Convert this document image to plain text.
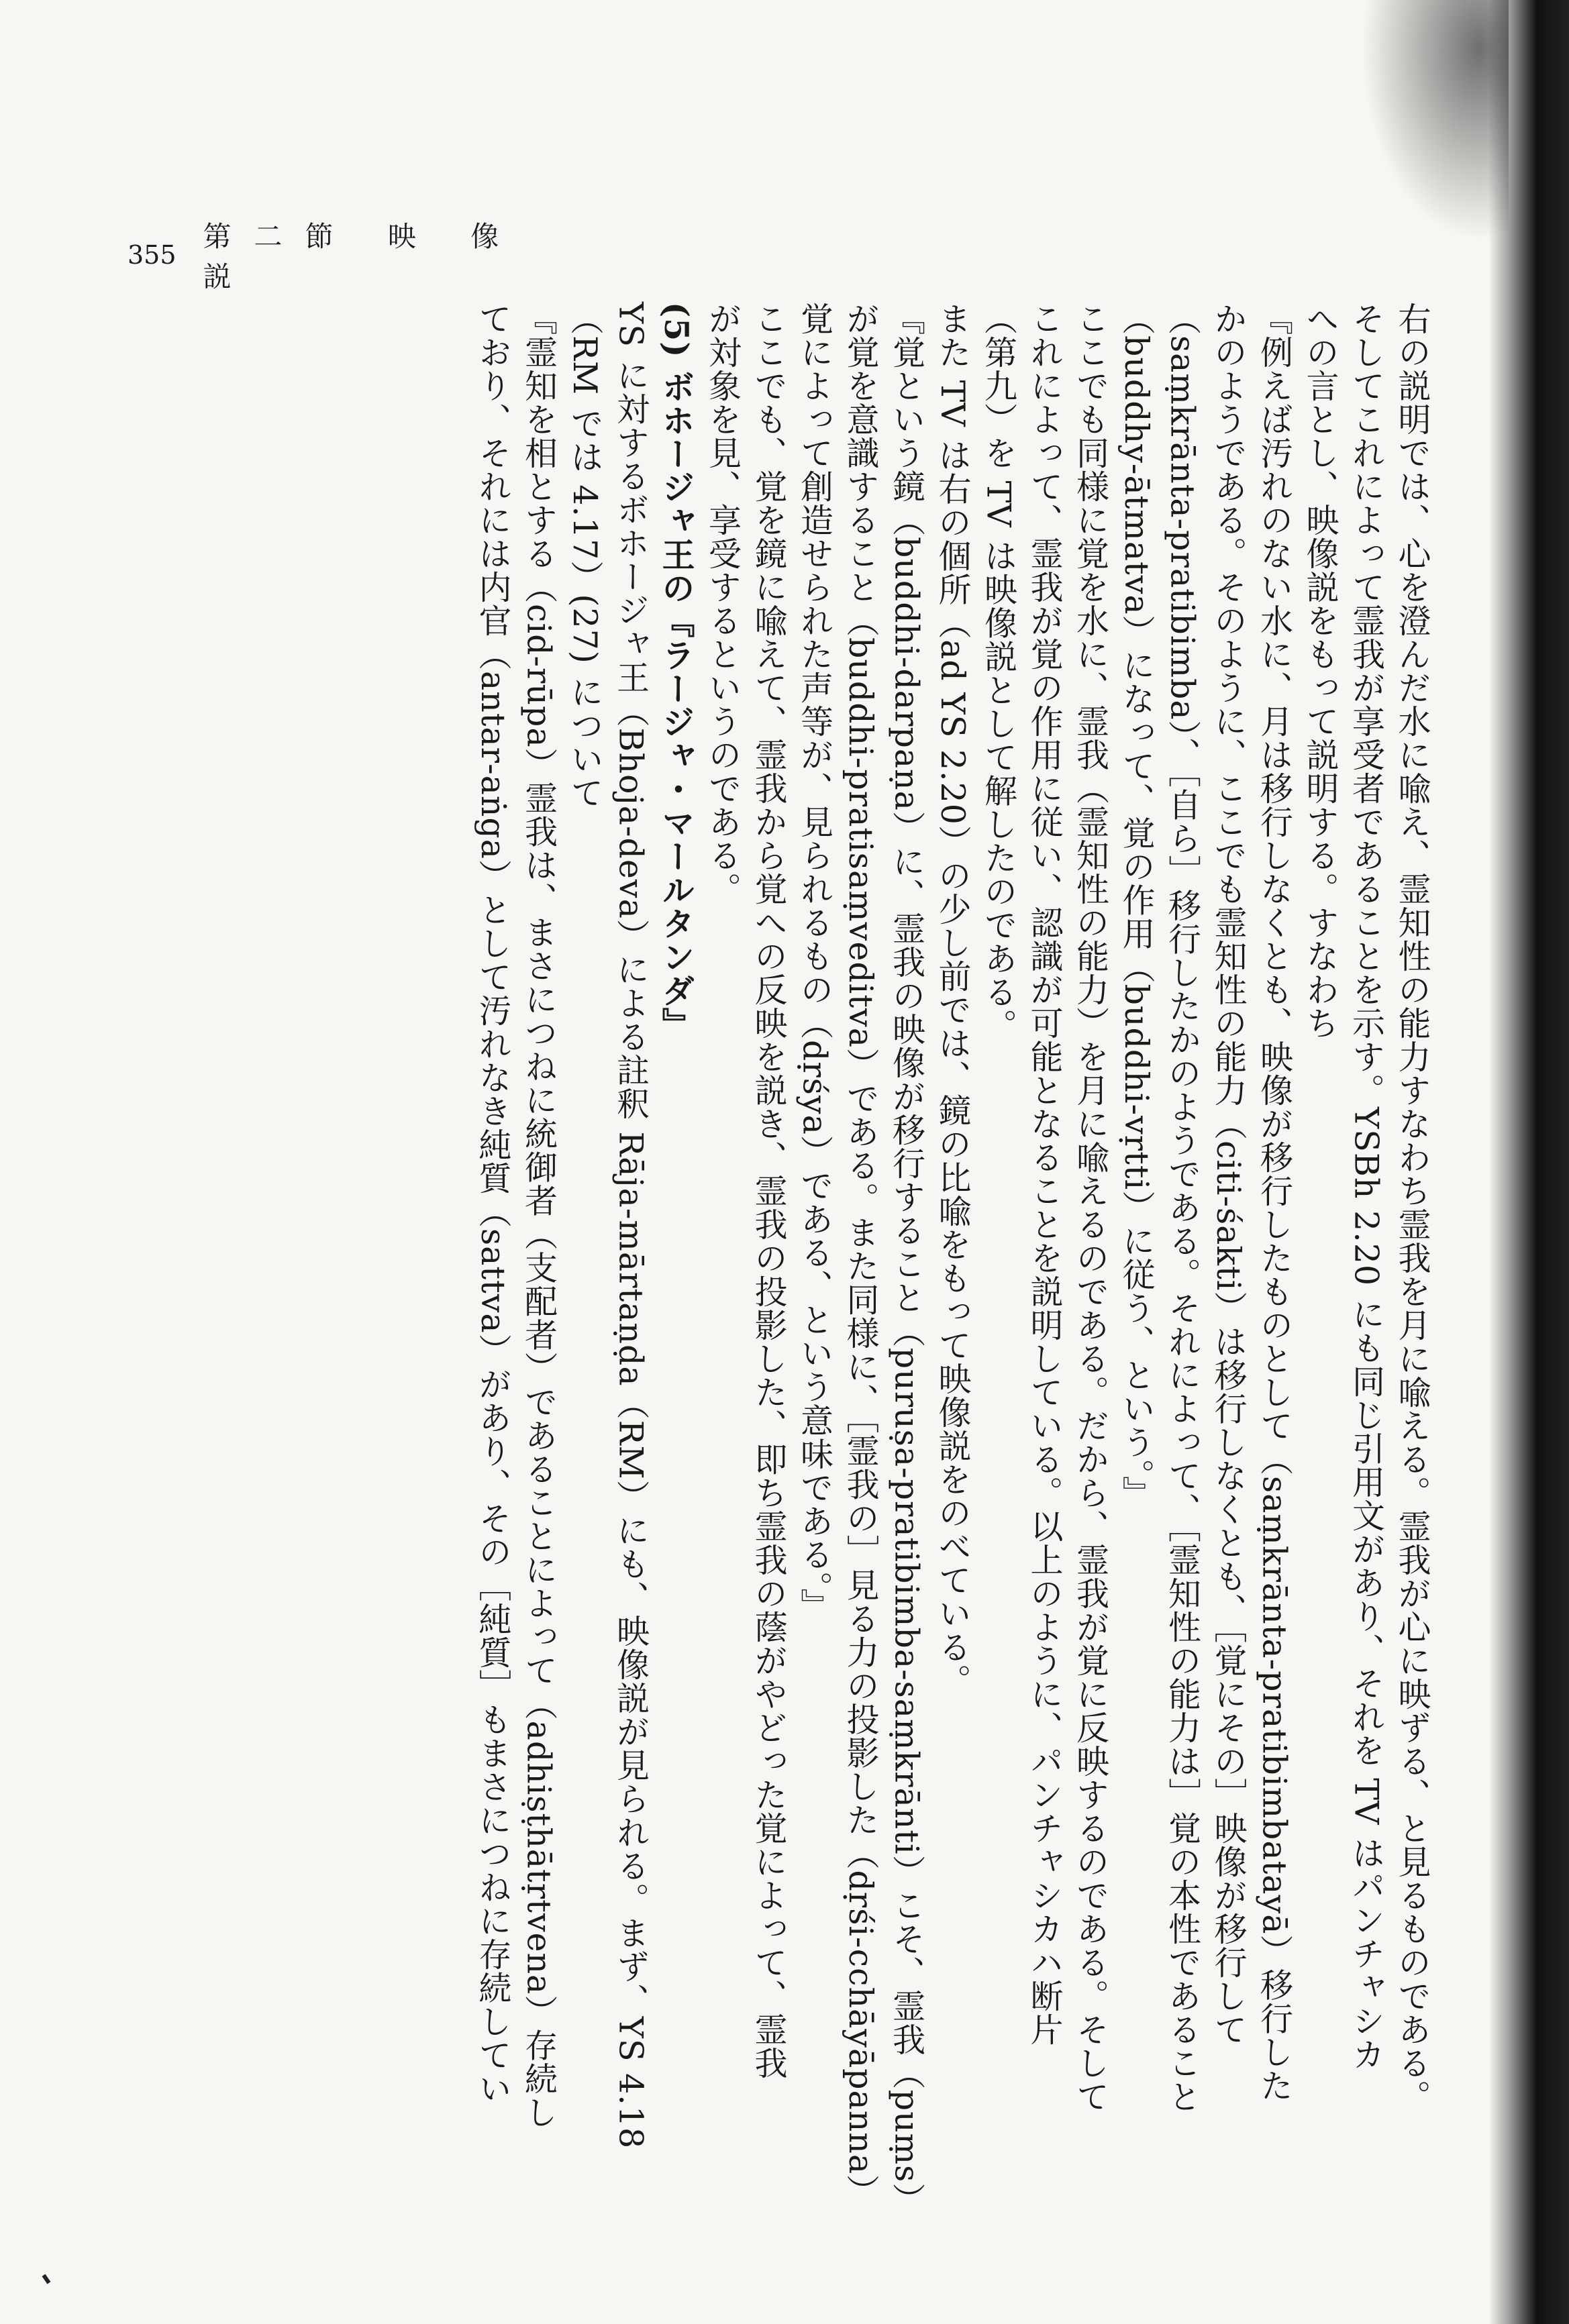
355
第二節 映 像 説

右の説明では、心を澄んだ水に喩え、霊知性の能力すなわち霊我を月に喩える。霊我が心に映ずる、と見るものである。

そしてこれによって霊我が享受者であることを示す。YSBh 2.20 にも同じ引用文があり、それを TV はパンチャシカ

への言とし、映像説をもって説明する。すなわち

『例えば汚れのない水に、月は移行しなくとも、映像が移行したものとして（saṃkrānta-pratibimbatayā）移行した

かのようである。そのように、ここでも霊知性の能力（citi-śakti）は移行しなくとも、［覚にその］映像が移行して

（saṃkrānta-pratibimba）、［自ら］移行したかのようである。それによって、［霊知性の能力は］覚の本性であること

（buddhy-ātmatva）になって、覚の作用（buddhi-vṛtti）に従う、という。』

ここでも同様に覚を水に、霊我（霊知性の能力）を月に喩えるのである。だから、霊我が覚に反映するのである。そして

これによって、霊我が覚の作用に従い、認識が可能となることを説明している。以上のように、パンチャシカハ断片

（第九）を TV は映像説として解したのである。

また TV は右の個所（ad YS 2.20）の少し前では、鏡の比喩をもって映像説をのべている。

『覚という鏡（buddhi-darpaṇa）に、霊我の映像が移行すること（puruṣa-pratibimba-saṃkrānti）こそ、霊我（puṃs）

が覚を意識すること（buddhi-pratisaṃveditva）である。また同様に、［霊我の］見る力の投影した（dṛśi-cchāyāpanna）

覚によって創造せられた声等が、見られるもの（dṛśya）である、という意味である。』

ここでも、覚を鏡に喩えて、霊我から覚への反映を説き、霊我の投影した、即ち霊我の蔭がやどった覚によって、霊我

が対象を見、享受するというのである。

(5) ボホージャ王の『ラージャ・マールタンダ』

YS に対するボホージャ王（Bhoja-deva）による註釈 Rāja-mārtaṇḍa（RM）にも、映像説が見られる。まず、YS 4.18

（RM では 4.17）(27) について

『霊知を相とする（cid-rūpa）霊我は、まさにつねに統御者（支配者）であることによって（adhiṣṭhātṛtvena）存続し

ており、それには内官（antar-aṅga）として汚れなき純質（sattva）があり、その［純質］もまさにつねに存続してい
